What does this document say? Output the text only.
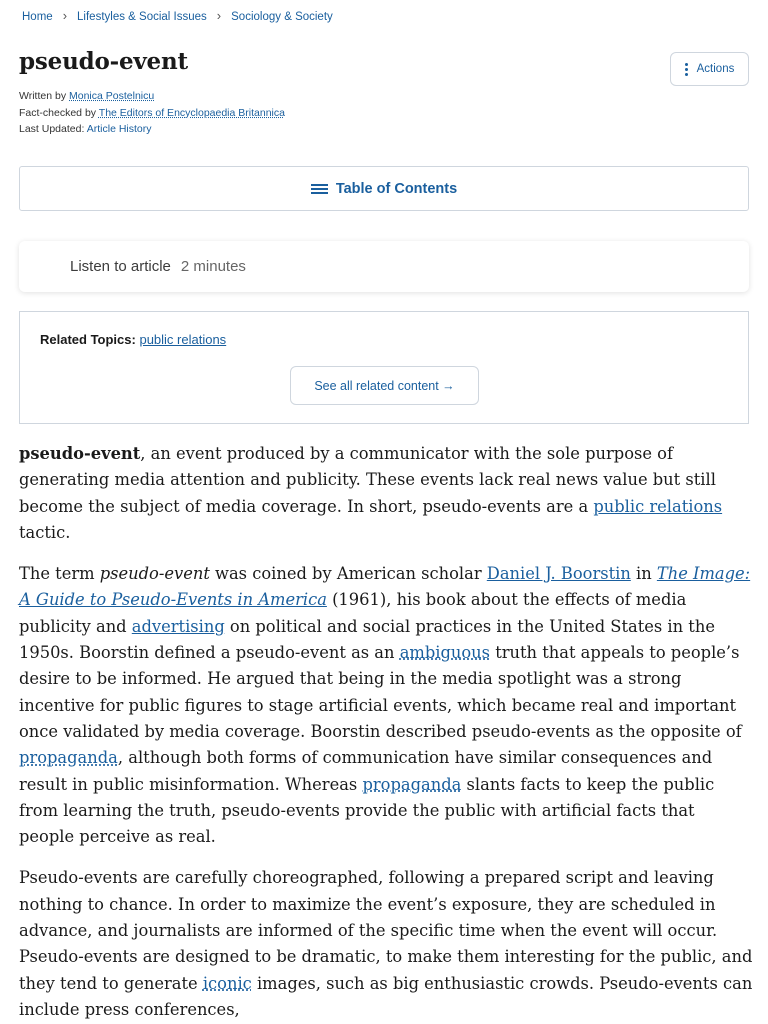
Home › Lifestyles & Social Issues › Sociology & Society
pseudo-event	Actions
Written by Monica Postelnicu
Fact-checked by The Editors of Encyclopaedia Britannica
Last Updated: Article History
Table of Contents
Listen to article 2 minutes
Related Topics: public relations
See all related content →

pseudo-event, an event produced by a communicator with the sole purpose of generating media attention and publicity. These events lack real news value but still become the subject of media coverage. In short, pseudo-events are a public relations tactic.

The term pseudo-event was coined by American scholar Daniel J. Boorstin in The Image: A Guide to Pseudo-Events in America (1961), his book about the effects of media publicity and advertising on political and social practices in the United States in the 1950s. Boorstin defined a pseudo-event as an ambiguous truth that appeals to people’s desire to be informed. He argued that being in the media spotlight was a strong incentive for public figures to stage artificial events, which became real and important once validated by media coverage. Boorstin described pseudo-events as the opposite of propaganda, although both forms of communication have similar consequences and result in public misinformation. Whereas propaganda slants facts to keep the public from learning the truth, pseudo-events provide the public with artificial facts that people perceive as real.

Pseudo-events are carefully choreographed, following a prepared script and leaving nothing to chance. In order to maximize the event’s exposure, they are scheduled in advance, and journalists are informed of the specific time when the event will occur. Pseudo-events are designed to be dramatic, to make them interesting for the public, and they tend to generate iconic images, such as big enthusiastic crowds. Pseudo-events can include press conferences,
